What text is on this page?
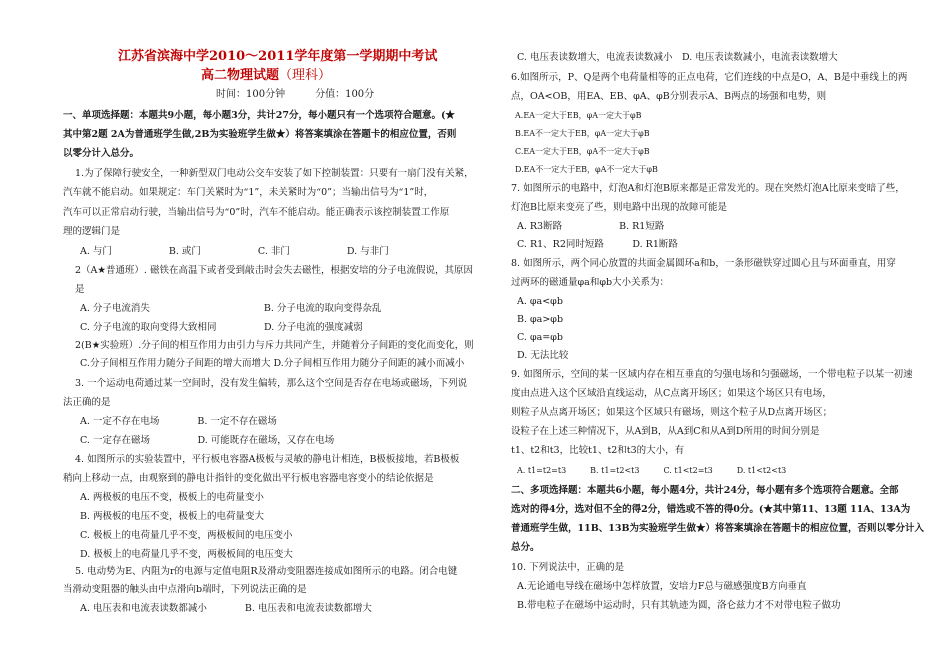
江苏省滨海中学2010～2011学年度第一学期期中考试
高二物理试题（理科）
时间：100分钟　　　分值：100分
一、单项选择题：本题共9小题，每小题3分，共计27分，每小题只有一个选项符合题意。(★
其中第2题 2A为普通班学生做,2B为实验班学生做★）将答案填涂在答题卡的相应位置，否则
以零分计入总分。
1.为了保障行驶安全，一种新型双门电动公交车安装了如下控制装置：只要有一扇门没有关紧，
汽车就不能启动。如果规定：车门关紧时为“1”，未关紧时为“0”；当输出信号为“1”时，
汽车可以正常启动行驶，当输出信号为“0”时，汽车不能启动。能正确表示该控制装置工作原
理的逻辑门是
A. 与门　　　　　　B. 或门　　　　　　C. 非门　　　　　　D. 与非门
2（A★普通班）. 磁铁在高温下或者受到敲击时会失去磁性，根据安培的分子电流假说，其原因
是
A. 分子电流消失　　　　　　　　　　　　B. 分子电流的取向变得杂乱
C. 分子电流的取向变得大致相同　　　　　D. 分子电流的强度减弱
2(B★实验班）.分子间的相互作用力由引力与斥力共同产生，并随着分子间距的变化而变化，则
C.分子间相互作用力随分子间距的增大而增大 D.分子间相互作用力随分子间距的减小而减小
3. 一个运动电荷通过某一空间时，没有发生偏转，那么这个空间是否存在电场或磁场，下列说
法正确的是
A. 一定不存在电场　　　　B. 一定不存在磁场
C. 一定存在磁场　　　　　D. 可能既存在磁场，又存在电场
4. 如图所示的实验装置中，平行板电容器A极板与灵敏的静电计相连，B极板接地，若B极板
稍向上移动一点，由观察到的静电计指针的变化做出平行板电容器电容变小的结论依据是
A. 两极板的电压不变，极板上的电荷量变小
B. 两极板的电压不变，极板上的电荷量变大
C. 极板上的电荷量几乎不变，两极板间的电压变小
D. 极板上的电荷量几乎不变，两极板间的电压变大
5. 电动势为E、内阻为r的电源与定值电阻R及滑动变阻器连接成如图所示的电路。闭合电键
当滑动变阻器的触头由中点滑向b端时，下列说法正确的是
A. 电压表和电流表读数都减小　　　　B. 电压表和电流表读数都增大
C. 电压表读数增大，电流表读数减小　D. 电压表读数减小，电流表读数增大
6.如图所示，P、Q是两个电荷量相等的正点电荷，它们连线的中点是O，A、B是中垂线上的两
点，OA<OB，用EA、EB、φA、φB分别表示A、B两点的场强和电势，则
A.EA一定大于EB，φA一定大于φB
B.EA不一定大于EB，φA一定大于φB
C.EA一定大于EB，φA不一定大于φB
D.EA不一定大于EB，φA不一定大于φB
7. 如图所示的电路中，灯泡A和灯泡B原来都是正常发光的。现在突然灯泡A比原来变暗了些，
灯泡B比原来变亮了些，则电路中出现的故障可能是
A. R3断路　　　　　　B. R1短路
C. R1、R2同时短路　　　D. R1断路
8. 如图所示，两个同心放置的共面金属圆环a和b，一条形磁铁穿过圆心且与环面垂直，用穿
过两环的磁通量φa和φb大小关系为：
A. φa<φb
B. φa>φb
C. φa=φb
D. 无法比较
9. 如图所示，空间的某一区域内存在相互垂直的匀强电场和匀强磁场，一个带电粒子以某一初速
度由点进入这个区域沿直线运动，从C点离开场区；如果这个场区只有电场，
则粒子从点离开场区；如果这个区域只有磁场，则这个粒子从D点离开场区；
设粒子在上述三种情况下，从A到B，从A到C和从A到D所用的时间分别是
t1、t2和t3，比较t1、t2和t3的大小，有
A. t1=t2=t3　　　B. t1=t2<t3　　　C. t1<t2=t3　　　D. t1<t2<t3
二、多项选择题：本题共6小题，每小题4分，共计24分，每小题有多个选项符合题意。全部
选对的得4分，选对但不全的得2分，错选或不答的得0分。(★其中第11、13题 11A、13A为
普通班学生做，11B、13B为实验班学生做★）将答案填涂在答题卡的相应位置，否则以零分计入
总分。
10. 下列说法中，正确的是
A.无论通电导线在磁场中怎样放置，安培力F总与磁感强度B方向垂直
B.带电粒子在磁场中运动时，只有其轨迹为圆，洛仑兹力才不对带电粒子做功
